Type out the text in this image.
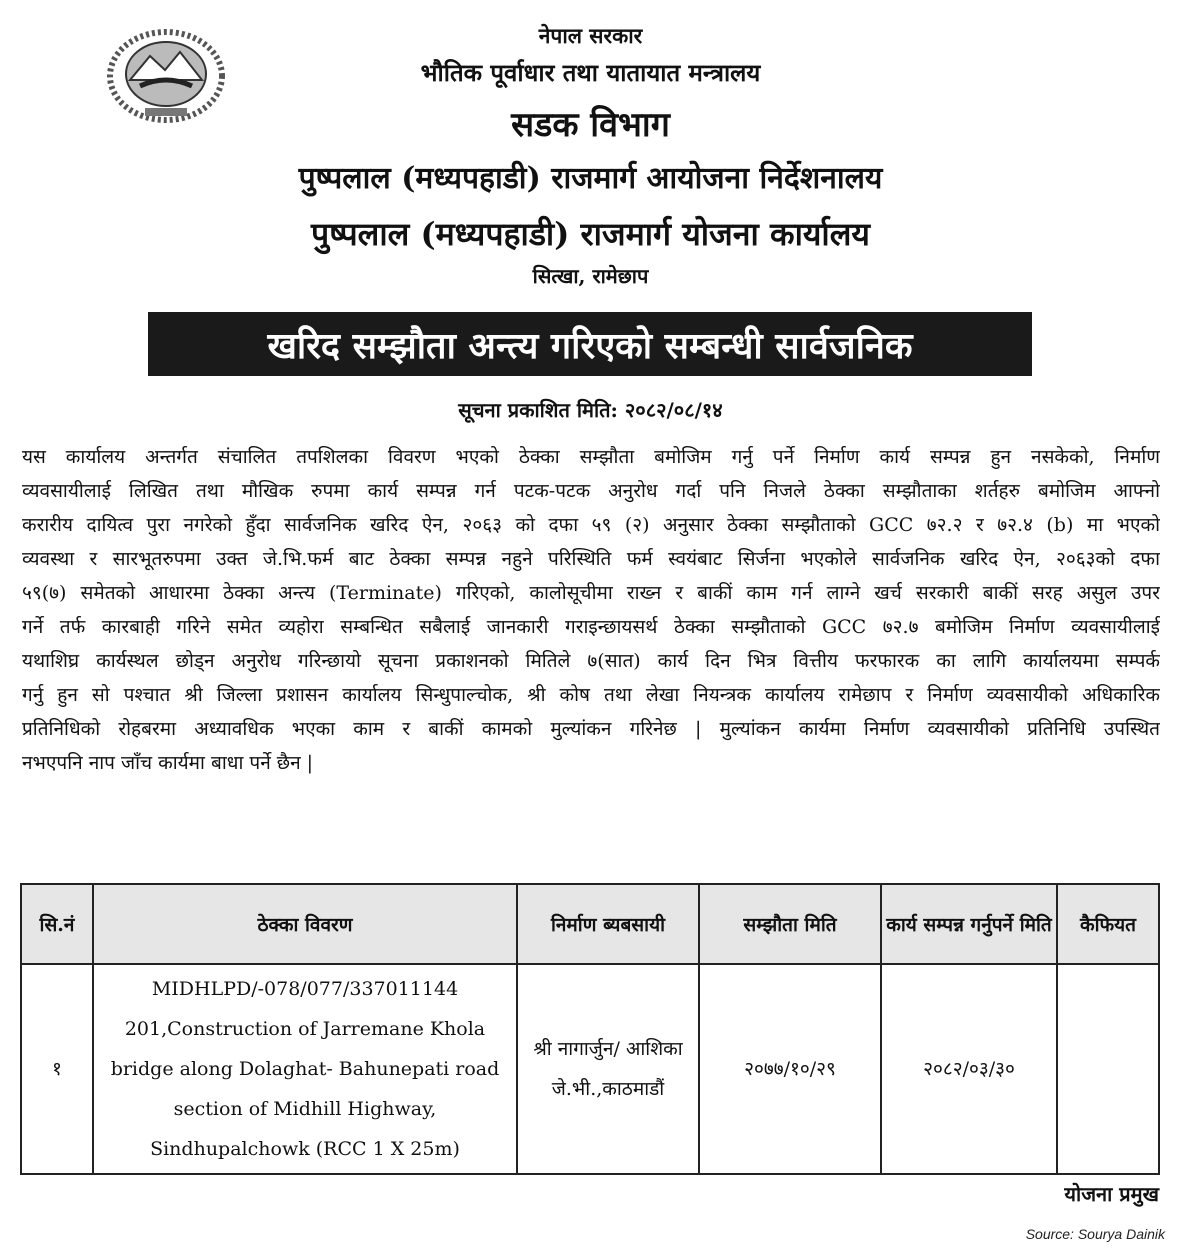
नेपाल सरकार
भौतिक पूर्वाधार तथा यातायात मन्त्रालय
सडक विभाग
पुष्पलाल (मध्यपहाडी) राजमार्ग आयोजना निर्देशनालय
पुष्पलाल (मध्यपहाडी) राजमार्ग योजना कार्यालय
सित्खा, रामेछाप
खरिद सम्झौता अन्त्य गरिएको सम्बन्धी सार्वजनिक
सूचना प्रकाशित मिति: २०८२/०८/१४
यस कार्यालय अन्तर्गत संचालित तपशिलका विवरण भएको ठेक्का सम्झौता बमोजिम गर्नु पर्ने निर्माण कार्य सम्पन्न हुन नसकेको, निर्माण
व्यवसायीलाई लिखित तथा मौखिक रुपमा कार्य सम्पन्न गर्न पटक-पटक अनुरोध गर्दा पनि निजले ठेक्का सम्झौताका शर्तहरु बमोजिम आफ्नो
करारीय दायित्व पुरा नगरेको हुँदा सार्वजनिक खरिद ऐन, २०६३ को दफा ५९ (२) अनुसार ठेक्का सम्झौताको GCC ७२.२ र ७२.४ (b) मा भएको
व्यवस्था र सारभूतरुपमा उक्त जे.भि.फर्म बाट ठेक्का सम्पन्न नहुने परिस्थिति फर्म स्वयंबाट सिर्जना भएकोले सार्वजनिक खरिद ऐन, २०६३को दफा
५९(७) समेतको आधारमा ठेक्का अन्त्य (Terminate) गरिएको, कालोसूचीमा राख्न र बाकीं काम गर्न लाग्ने खर्च सरकारी बाकीं सरह असुल उपर
गर्ने तर्फ कारबाही गरिने समेत व्यहोरा सम्बन्धित सबैलाई जानकारी गराइन्छायसर्थ ठेक्का सम्झौताको GCC ७२.७ बमोजिम निर्माण व्यवसायीलाई
यथाशिघ्र कार्यस्थल छोड्न अनुरोध गरिन्छायो सूचना प्रकाशनको मितिले ७(सात) कार्य दिन भित्र वित्तीय फरफारक का लागि कार्यालयमा सम्पर्क
गर्नु हुन सो पश्चात श्री जिल्ला प्रशासन कार्यालय सिन्धुपाल्चोक, श्री कोष तथा लेखा नियन्त्रक कार्यालय रामेछाप र निर्माण व्यवसायीको अधिकारिक
प्रतिनिधिको रोहबरमा अध्यावधिक भएका काम र बाकीं कामको मुल्यांकन गरिनेछ | मुल्यांकन कार्यमा निर्माण व्यवसायीको प्रतिनिधि उपस्थित
नभएपनि नाप जाँच कार्यमा बाधा पर्ने छैन |
सि.नं	ठेक्का विवरण	निर्माण ब्यबसायी	सम्झौता मिति	कार्य सम्पन्न गर्नुपर्ने मिति	कैफियत
१	MIDHLPD/-078/077/337011144 201,Construction of Jarremane Khola bridge along Dolaghat- Bahunepati road section of Midhill Highway, Sindhupalchowk (RCC 1 X 25m)	श्री नागार्जुन/ आशिका जे.भी.,काठमाडौं	२०७७/१०/२९	२०८२/०३/३०	
योजना प्रमुख
Source: Sourya Dainik
